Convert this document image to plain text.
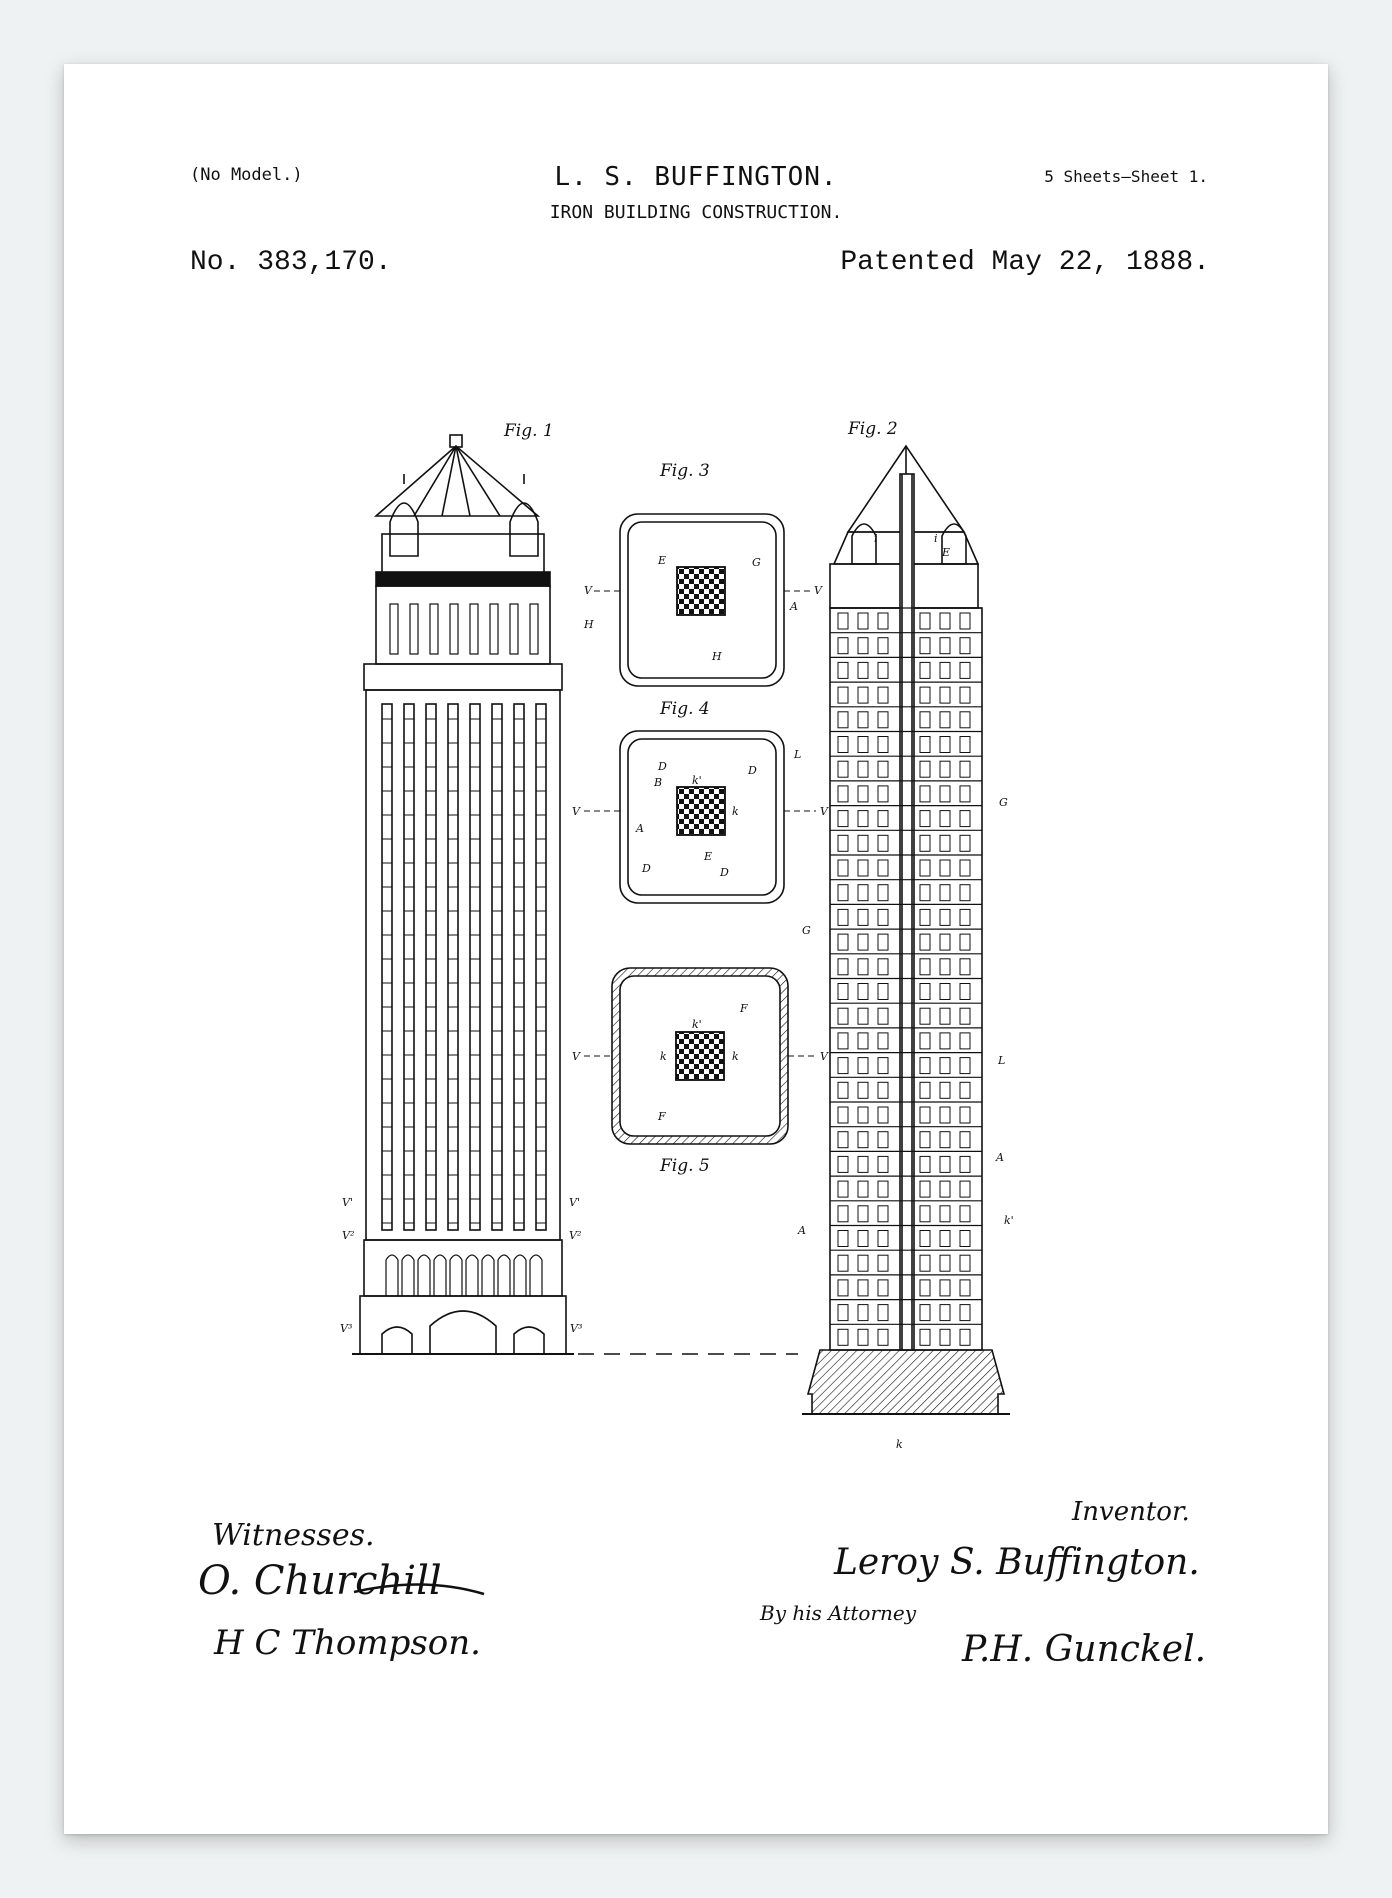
(No Model.)	L. S. BUFFINGTON.
IRON BUILDING CONSTRUCTION.
5 Sheets—Sheet 1.
No. 383,170.	Patented May 22, 1888.
V'	V'
V²	V²
V³	V³
i	i
E
L
G
G
L
A
A
k'
k
E	G
V	V
A
H
H
D	D
B	k'
V	V
A
k
D
E
D
F
k'
V	V
k	k
F
Fig. 1	Fig. 2
Fig. 3
Fig. 4
Fig. 5
Witnesses.
O. Churchill
H C Thompson.
Inventor.
Leroy S. Buffington.
By his Attorney
P.H. Gunckel.
